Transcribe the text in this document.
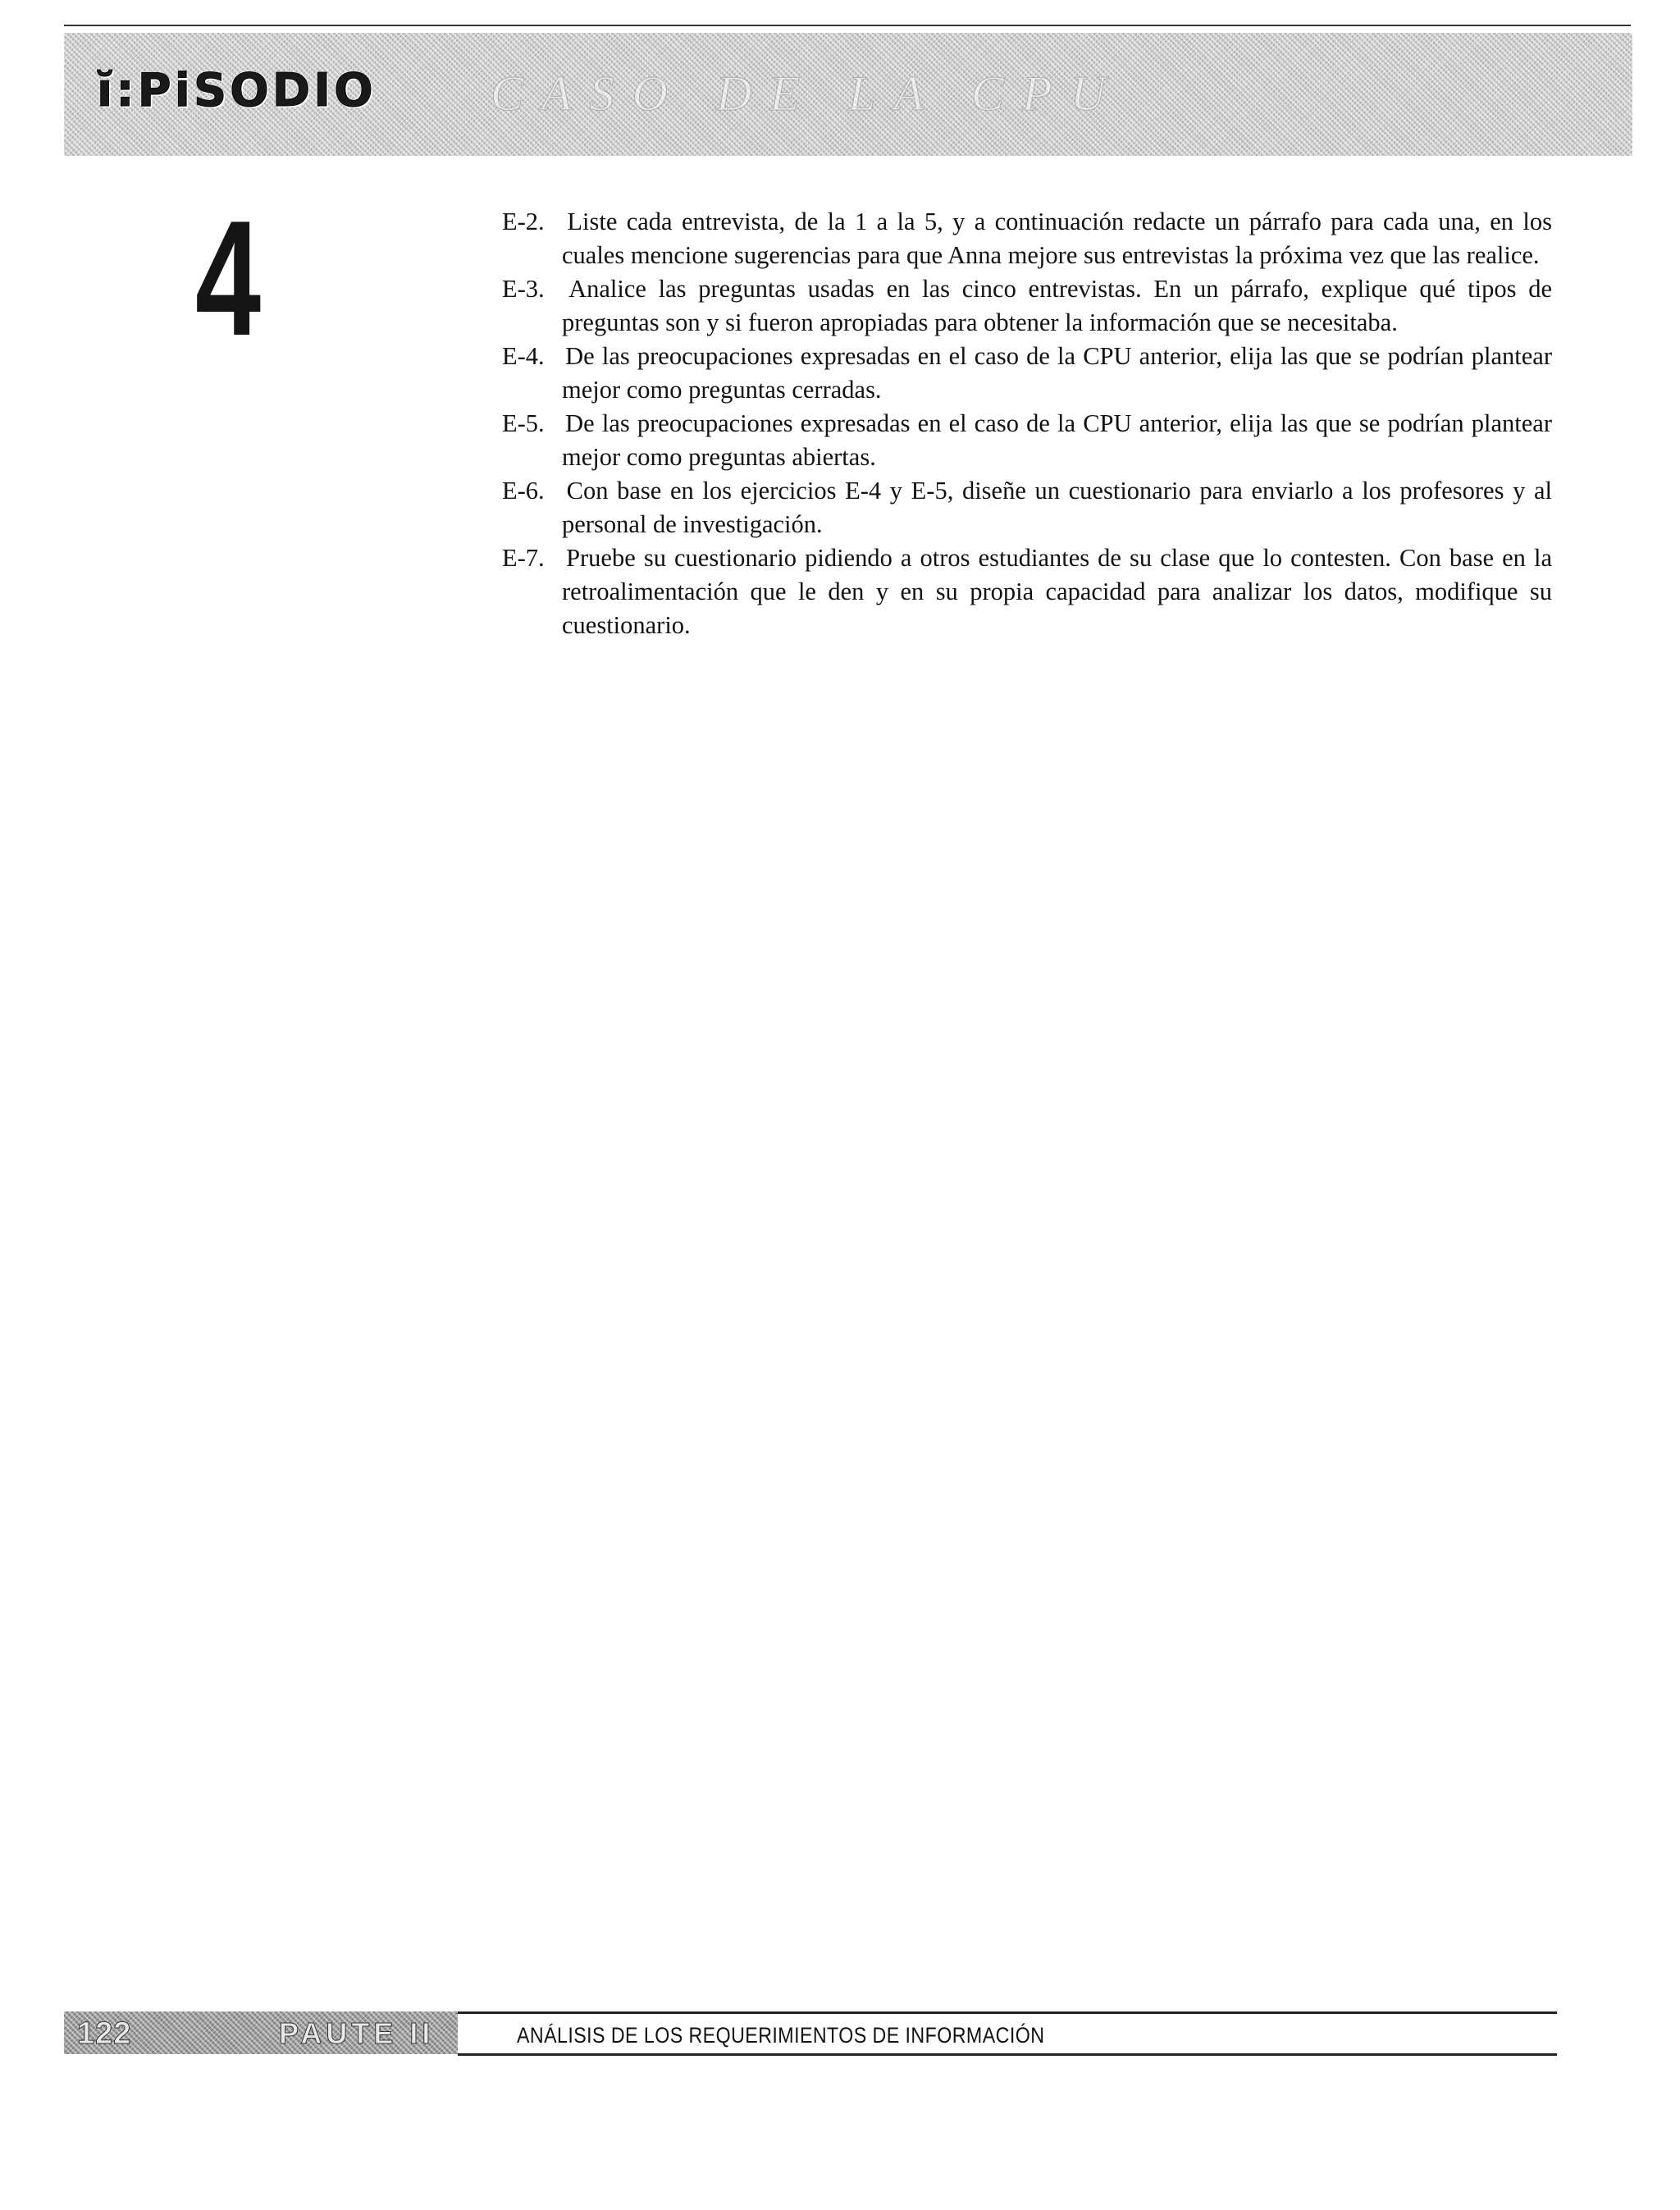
ĭ:PiSODIO CASO DE LA CPU
4	E-2. Liste cada entrevista, de la 1 a la 5, y a continuación redacte un párrafo para cada una, en los cuales mencione sugerencias para que Anna mejore sus entrevistas la próxima vez que las realice.
E-3. Analice las preguntas usadas en las cinco entrevistas. En un párrafo, explique qué tipos de preguntas son y si fueron apropiadas para obtener la información que se necesitaba.
E-4. De las preocupaciones expresadas en el caso de la CPU anterior, elija las que se podrían plantear mejor como preguntas cerradas.
E-5. De las preocupaciones expresadas en el caso de la CPU anterior, elija las que se podrían plantear mejor como preguntas abiertas.
E-6. Con base en los ejercicios E-4 y E-5, diseñe un cuestionario para enviarlo a los profesores y al personal de investigación.
E-7. Pruebe su cuestionario pidiendo a otros estudiantes de su clase que lo contesten. Con base en la retroalimentación que le den y en su propia capacidad para analizar los datos, modifique su cuestionario.
122	PAUTE II	ANÁLISIS DE LOS REQUERIMIENTOS DE INFORMACIÓN
